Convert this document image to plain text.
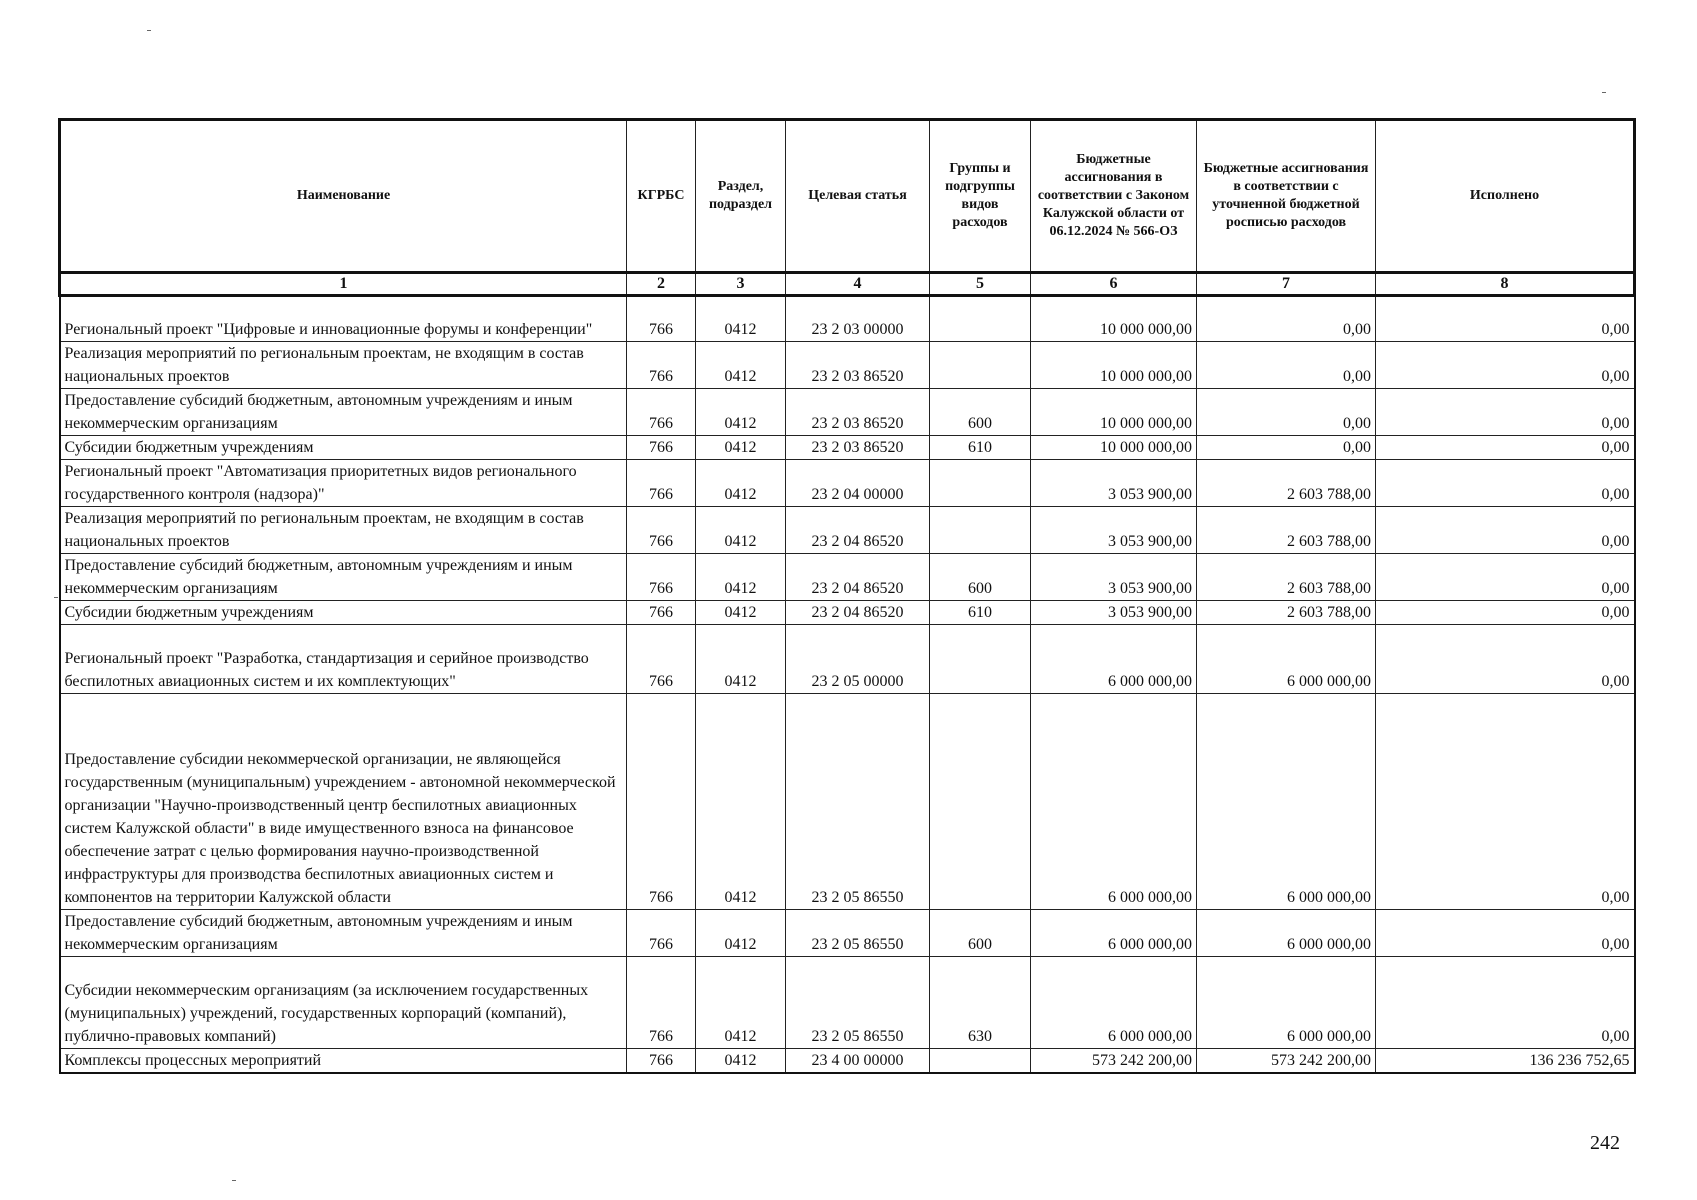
Наименование	КГРБС	Раздел, подраздел	Целевая статья	Группы и подгруппы видов расходов	Бюджетные ассигнования в соответствии с Законом Калужской области от 06.12.2024 № 566-ОЗ	Бюджетные ассигнования в соответствии с уточненной бюджетной росписью расходов	Исполнено
1	2	3	4	5	6	7	8
Региональный проект "Цифровые и инновационные форумы и конференции"	766	0412	23 2 03 00000		10 000 000,00	0,00	0,00
Реализация мероприятий по региональным проектам, не входящим в состав национальных проектов	766	0412	23 2 03 86520		10 000 000,00	0,00	0,00
Предоставление субсидий бюджетным, автономным учреждениям и иным некоммерческим организациям	766	0412	23 2 03 86520	600	10 000 000,00	0,00	0,00
Субсидии бюджетным учреждениям	766	0412	23 2 03 86520	610	10 000 000,00	0,00	0,00
Региональный проект "Автоматизация приоритетных видов регионального государственного контроля (надзора)"	766	0412	23 2 04 00000		3 053 900,00	2 603 788,00	0,00
Реализация мероприятий по региональным проектам, не входящим в состав национальных проектов	766	0412	23 2 04 86520		3 053 900,00	2 603 788,00	0,00
Предоставление субсидий бюджетным, автономным учреждениям и иным некоммерческим организациям	766	0412	23 2 04 86520	600	3 053 900,00	2 603 788,00	0,00
Субсидии бюджетным учреждениям	766	0412	23 2 04 86520	610	3 053 900,00	2 603 788,00	0,00
Региональный проект "Разработка, стандартизация и серийное производство беспилотных авиационных систем и их комплектующих"	766	0412	23 2 05 00000		6 000 000,00	6 000 000,00	0,00
Предоставление субсидии некоммерческой организации, не являющейся государственным (муниципальным) учреждением - автономной некоммерческой организации "Научно-производственный центр беспилотных авиационных систем Калужской области" в виде имущественного взноса на финансовое обеспечение затрат с целью формирования научно-производственной инфраструктуры для производства беспилотных авиационных систем и компонентов на территории Калужской области	766	0412	23 2 05 86550		6 000 000,00	6 000 000,00	0,00
Предоставление субсидий бюджетным, автономным учреждениям и иным некоммерческим организациям	766	0412	23 2 05 86550	600	6 000 000,00	6 000 000,00	0,00
Субсидии некоммерческим организациям (за исключением государственных (муниципальных) учреждений, государственных корпораций (компаний), публично-правовых компаний)	766	0412	23 2 05 86550	630	6 000 000,00	6 000 000,00	0,00
Комплексы процессных мероприятий	766	0412	23 4 00 00000		573 242 200,00	573 242 200,00	136 236 752,65
242
